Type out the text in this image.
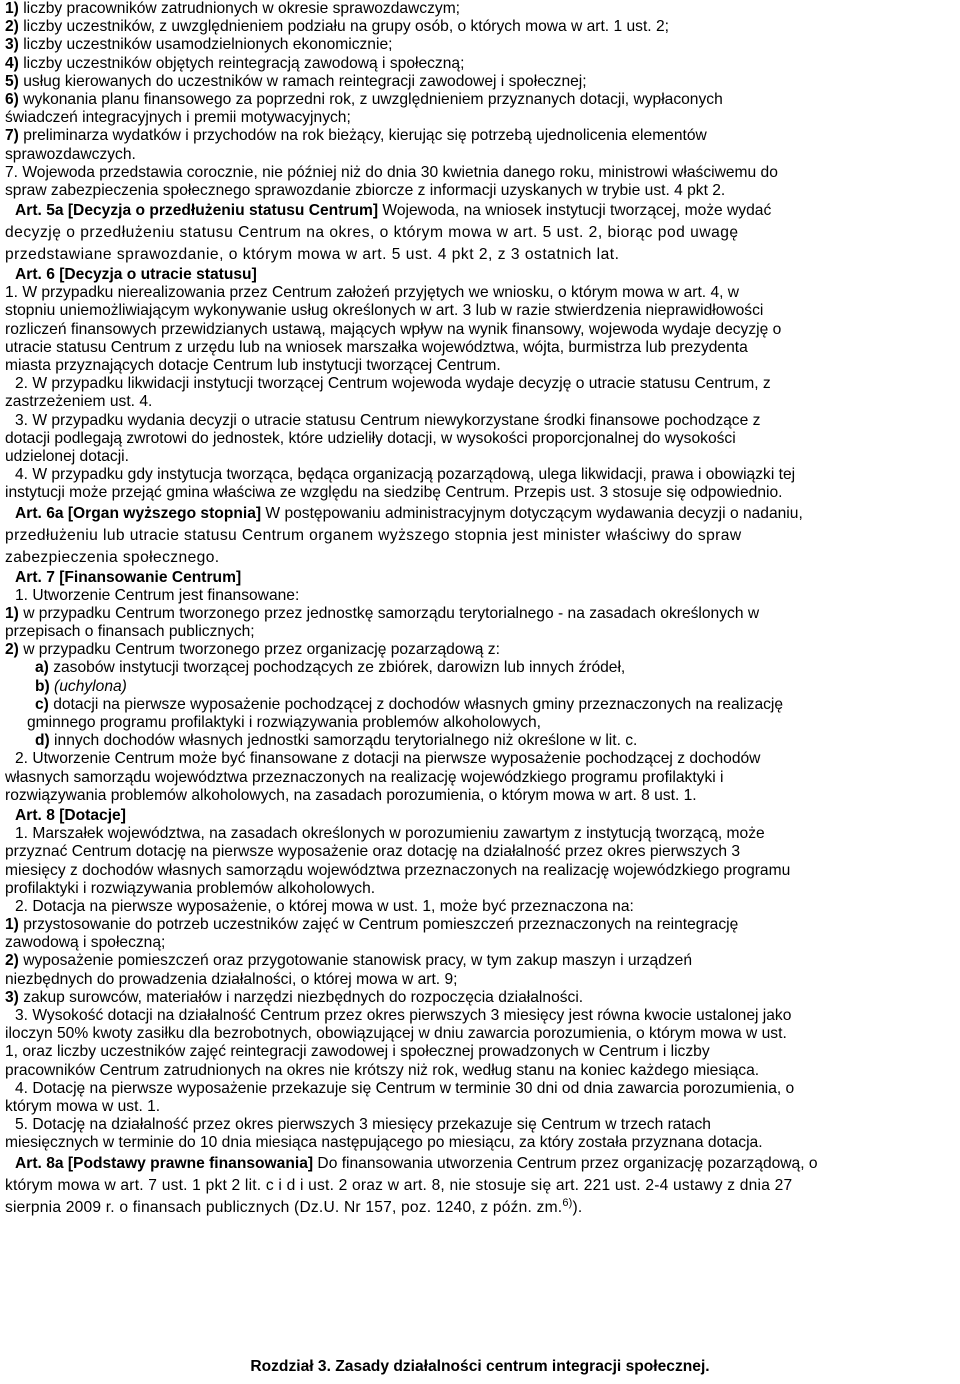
1) liczby pracowników zatrudnionych w okresie sprawozdawczym;
2) liczby uczestników, z uwzględnieniem podziału na grupy osób, o których mowa w art. 1 ust. 2;
3) liczby uczestników usamodzielnionych ekonomicznie;
4) liczby uczestników objętych reintegracją zawodową i społeczną;
5) usług kierowanych do uczestników w ramach reintegracji zawodowej i społecznej;
6) wykonania planu finansowego za poprzedni rok, z uwzględnieniem przyznanych dotacji, wypłaconych
świadczeń integracyjnych i premii motywacyjnych;
7) preliminarza wydatków i przychodów na rok bieżący, kierując się potrzebą ujednolicenia elementów
sprawozdawczych.
7. Wojewoda przedstawia corocznie, nie później niż do dnia 30 kwietnia danego roku, ministrowi właściwemu do
spraw zabezpieczenia społecznego sprawozdanie zbiorcze z informacji uzyskanych w trybie ust. 4 pkt 2.
Art. 5a [Decyzja o przedłużeniu statusu Centrum] Wojewoda, na wniosek instytucji tworzącej, może wydać
decyzję o przedłużeniu statusu Centrum na okres, o którym mowa w art. 5 ust. 2, biorąc pod uwagę
przedstawiane sprawozdanie, o którym mowa w art. 5 ust. 4 pkt 2, z 3 ostatnich lat.
Art. 6 [Decyzja o utracie statusu]
1. W przypadku nierealizowania przez Centrum założeń przyjętych we wniosku, o którym mowa w art. 4, w
stopniu uniemożliwiającym wykonywanie usług określonych w art. 3 lub w razie stwierdzenia nieprawidłowości
rozliczeń finansowych przewidzianych ustawą, mających wpływ na wynik finansowy, wojewoda wydaje decyzję o
utracie statusu Centrum z urzędu lub na wniosek marszałka województwa, wójta, burmistrza lub prezydenta
miasta przyznających dotacje Centrum lub instytucji tworzącej Centrum.
2. W przypadku likwidacji instytucji tworzącej Centrum wojewoda wydaje decyzję o utracie statusu Centrum, z
zastrzeżeniem ust. 4.
3. W przypadku wydania decyzji o utracie statusu Centrum niewykorzystane środki finansowe pochodzące z
dotacji podlegają zwrotowi do jednostek, które udzieliły dotacji, w wysokości proporcjonalnej do wysokości
udzielonej dotacji.
4. W przypadku gdy instytucja tworząca, będąca organizacją pozarządową, ulega likwidacji, prawa i obowiązki tej
instytucji może przejąć gmina właściwa ze względu na siedzibę Centrum. Przepis ust. 3 stosuje się odpowiednio.
Art. 6a [Organ wyższego stopnia] W postępowaniu administracyjnym dotyczącym wydawania decyzji o nadaniu,
przedłużeniu lub utracie statusu Centrum organem wyższego stopnia jest minister właściwy do spraw
zabezpieczenia społecznego.
Art. 7 [Finansowanie Centrum]
1. Utworzenie Centrum jest finansowane:
1) w przypadku Centrum tworzonego przez jednostkę samorządu terytorialnego - na zasadach określonych w
przepisach o finansach publicznych;
2) w przypadku Centrum tworzonego przez organizację pozarządową z:
a) zasobów instytucji tworzącej pochodzących ze zbiórek, darowizn lub innych źródeł,
b) (uchylona)
c) dotacji na pierwsze wyposażenie pochodzącej z dochodów własnych gminy przeznaczonych na realizację
gminnego programu profilaktyki i rozwiązywania problemów alkoholowych,
d) innych dochodów własnych jednostki samorządu terytorialnego niż określone w lit. c.
2. Utworzenie Centrum może być finansowane z dotacji na pierwsze wyposażenie pochodzącej z dochodów
własnych samorządu województwa przeznaczonych na realizację wojewódzkiego programu profilaktyki i
rozwiązywania problemów alkoholowych, na zasadach porozumienia, o którym mowa w art. 8 ust. 1.
Art. 8 [Dotacje]
1. Marszałek województwa, na zasadach określonych w porozumieniu zawartym z instytucją tworzącą, może
przyznać Centrum dotację na pierwsze wyposażenie oraz dotację na działalność przez okres pierwszych 3
miesięcy z dochodów własnych samorządu województwa przeznaczonych na realizację wojewódzkiego programu
profilaktyki i rozwiązywania problemów alkoholowych.
2. Dotacja na pierwsze wyposażenie, o której mowa w ust. 1, może być przeznaczona na:
1) przystosowanie do potrzeb uczestników zajęć w Centrum pomieszczeń przeznaczonych na reintegrację
zawodową i społeczną;
2) wyposażenie pomieszczeń oraz przygotowanie stanowisk pracy, w tym zakup maszyn i urządzeń
niezbędnych do prowadzenia działalności, o której mowa w art. 9;
3) zakup surowców, materiałów i narzędzi niezbędnych do rozpoczęcia działalności.
3. Wysokość dotacji na działalność Centrum przez okres pierwszych 3 miesięcy jest równa kwocie ustalonej jako
iloczyn 50% kwoty zasiłku dla bezrobotnych, obowiązującej w dniu zawarcia porozumienia, o którym mowa w ust.
1, oraz liczby uczestników zajęć reintegracji zawodowej i społecznej prowadzonych w Centrum i liczby
pracowników Centrum zatrudnionych na okres nie krótszy niż rok, według stanu na koniec każdego miesiąca.
4. Dotację na pierwsze wyposażenie przekazuje się Centrum w terminie 30 dni od dnia zawarcia porozumienia, o
którym mowa w ust. 1.
5. Dotację na działalność przez okres pierwszych 3 miesięcy przekazuje się Centrum w trzech ratach
miesięcznych w terminie do 10 dnia miesiąca następującego po miesiącu, za który została przyznana dotacja.
Art. 8a [Podstawy prawne finansowania] Do finansowania utworzenia Centrum przez organizację pozarządową, o
którym mowa w art. 7 ust. 1 pkt 2 lit. c i d i ust. 2 oraz w art. 8, nie stosuje się art. 221 ust. 2-4 ustawy z dnia 27
sierpnia 2009 r. o finansach publicznych (Dz.U. Nr 157, poz. 1240, z późn. zm.$^{6)}$).
Rozdział 3. Zasady działalności centrum integracji społecznej.
